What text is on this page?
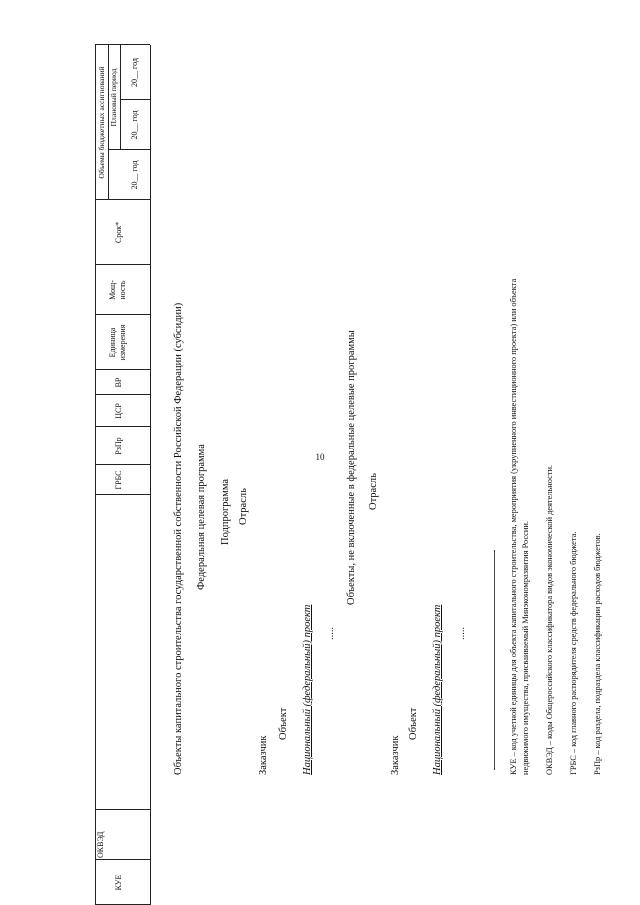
10
КУЕ
ОКВЭД
ГРБС
РзПр
ЦСР
ВР
Единица измерения
Мощ- ность
Срок*
Объемы бюджетных ассигнований Плановый период
20__ год
20__ год
20__ год
Объекты капитального строительства государственной собственности Российской Федерации (субсидии) Федеральная целевая программа Подпрограмма Отрасль
Заказчик
Объект Национальный (федеральный) проект .....
Объекты, не включенные в федеральные целевые программы Отрасль
Заказчик
Объект Национальный (федеральный) проект .....	КУЕ – код учетной единицы для объекта капитального строительства, мероприятия (укрупненного инвестиционного проекта) или объекта недвижимого имущества, присваиваемый Минэкономразвития России. ОКВЭД – коды Общероссийского классификатора видов экономической деятельности. ГРБС – код главного распорядителя средств федерального бюджета. РзПр – код раздела, подраздела классификации расходов бюджетов.
